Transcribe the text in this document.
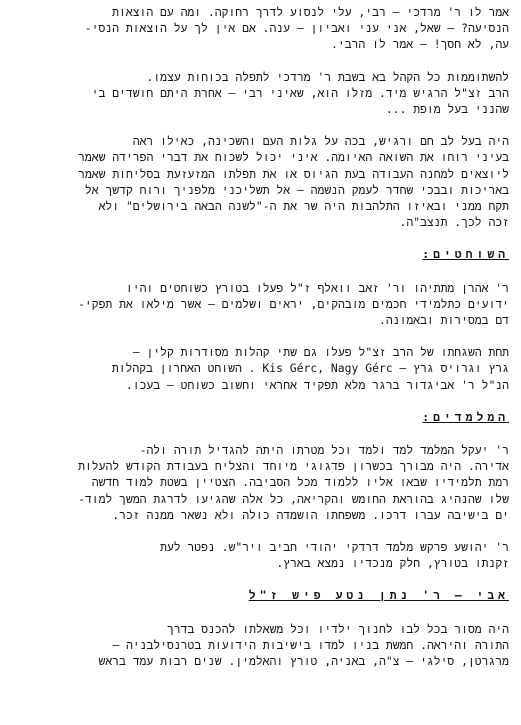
אמר לו ר' מרדכי – רבי, עלי לנסוע לדרך רחוקה. ומה עם הוצאות
הנסיעה? – שאל, אני עני ואביון – ענה. אם אין לך על הוצאות הנסי-
עה, לא חסך! – אמר לו הרבי.
להשתוממות כל הקהל בא בשבת ר' מרדכי לתפלה בכוחות עצמו.
הרב זצ"ל הרגיש מיד. מזלו הוא, שאיני רבי – אחרת היתם חושדים בי
שהנני בעל מופת ...
היה בעל לב חם ורגיש, בכה על גלות העם והשכינה, כאילו ראה
בעיני רוחו את השואה האיומה. איני יכול לשכוח את דברי הפרידה שאמר
ליוצאים למחנה העבודה בעת הגיוס או את תפלתו המזעזעת בסליחות שאמר
באריכות ובבכי שחדר לעמק הנשמה – אל תשליכני מלפניך ורוח קדשך אל
תקח ממני ובאיזו התלהבות היה שר את ה-"לשנה הבאה בירושלים" ולא
זכה לכך. תנצב"ה.
השוחטים:
ר' אהרן מתתיהו ור' זאב וואלף ז"ל פעלו בטורץ כשוחטים והיו
ידועים כתלמידי חכמים מובהקים, יראים ושלמים – אשר מילאו את תפקי-
דם במסירות ובאמונה.
תחת השגחתו של הרב זצ"ל פעלו גם שתי קהלות מסודרות קלין –
גרץ וגרויס גרץ – Kis Gérc, Nagy Gérc . השוחט האחרון בקהלות
הנ"ל ר' אביגדור ברגר מלא תפקיד אחראי וחשוב כשוחט – בעכו.
המלמדים:
ר' יעקל המלמד למד ולמד וכל מטרתו היתה להגדיל תורה ולה-
אדירה. היה מבורך בכשרון פדגוגי מיוחד והצליח בעבודת הקודש להעלות
רמת תלמידיו שבאו אליו ללמוד מכל הסביבה. הצטיין בשטת למוד חדשה
שלו שהנהיג בהוראת החומש והקריאה, כל אלה שהגיעו לדרגת המשך למוד-
ים בישיבה עברו דרכו. משפחתו הושמדה כולה ולא נשאר ממנה זכר.
ר' יהושע פרקש מלמד דרדקי יהודי חביב ויר"ש. נפטר לעת
זקנתו בטורץ, חלק מנכדיו נמצא בארץ.
אבי – ר' נתן נטע פיש ז"ל
היה מסור בכל לבו לחנוך ילדיו וכל משאלתו להכנס בדרך
התורה והיראה. חמשת בניו למדו בישיבות הידועות בטרנסילבניה –
מרגרטן, סילגי – צ"ה, באניה, טורץ והאלמין. שנים רבות עמד בראש
